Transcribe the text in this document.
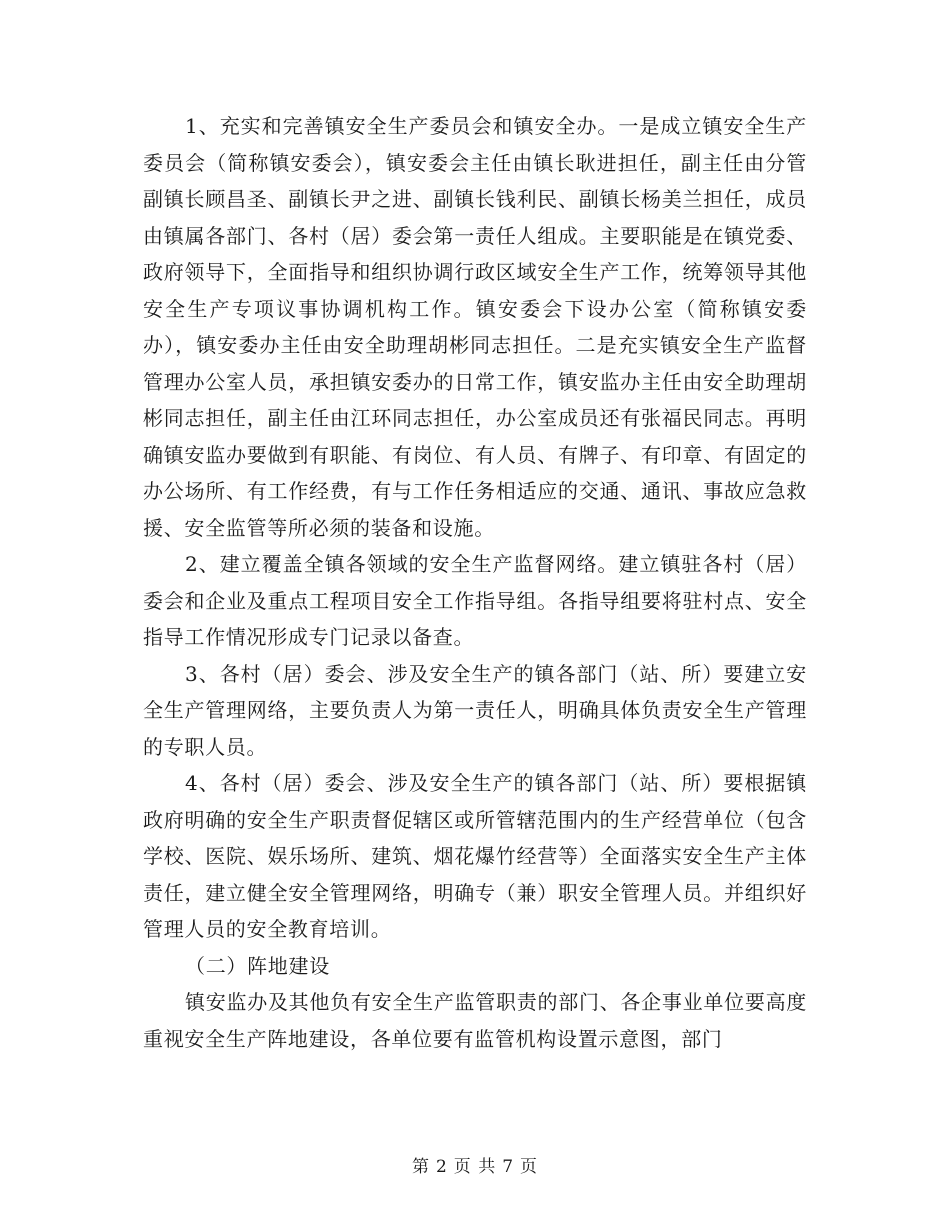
1、充实和完善镇安全生产委员会和镇安全办。一是成立镇安全生产委员会（简称镇安委会），镇安委会主任由镇长耿进担任，副主任由分管副镇长顾昌圣、副镇长尹之进、副镇长钱利民、副镇长杨美兰担任，成员由镇属各部门、各村（居）委会第一责任人组成。主要职能是在镇党委、政府领导下，全面指导和组织协调行政区域安全生产工作，统筹领导其他安全生产专项议事协调机构工作。镇安委会下设办公室（简称镇安委办），镇安委办主任由安全助理胡彬同志担任。二是充实镇安全生产监督管理办公室人员，承担镇安委办的日常工作，镇安监办主任由安全助理胡彬同志担任，副主任由江环同志担任，办公室成员还有张福民同志。再明确镇安监办要做到有职能、有岗位、有人员、有牌子、有印章、有固定的办公场所、有工作经费，有与工作任务相适应的交通、通讯、事故应急救援、安全监管等所必须的装备和设施。

2、建立覆盖全镇各领域的安全生产监督网络。建立镇驻各村（居）委会和企业及重点工程项目安全工作指导组。各指导组要将驻村点、安全指导工作情况形成专门记录以备查。

3、各村（居）委会、涉及安全生产的镇各部门（站、所）要建立安全生产管理网络，主要负责人为第一责任人，明确具体负责安全生产管理的专职人员。

4、各村（居）委会、涉及安全生产的镇各部门（站、所）要根据镇政府明确的安全生产职责督促辖区或所管辖范围内的生产经营单位（包含学校、医院、娱乐场所、建筑、烟花爆竹经营等）全面落实安全生产主体责任，建立健全安全管理网络，明确专（兼）职安全管理人员。并组织好管理人员的安全教育培训。

（二）阵地建设

镇安监办及其他负有安全生产监管职责的部门、各企事业单位要高度重视安全生产阵地建设，各单位要有监管机构设置示意图，部门

第 2 页 共 7 页
